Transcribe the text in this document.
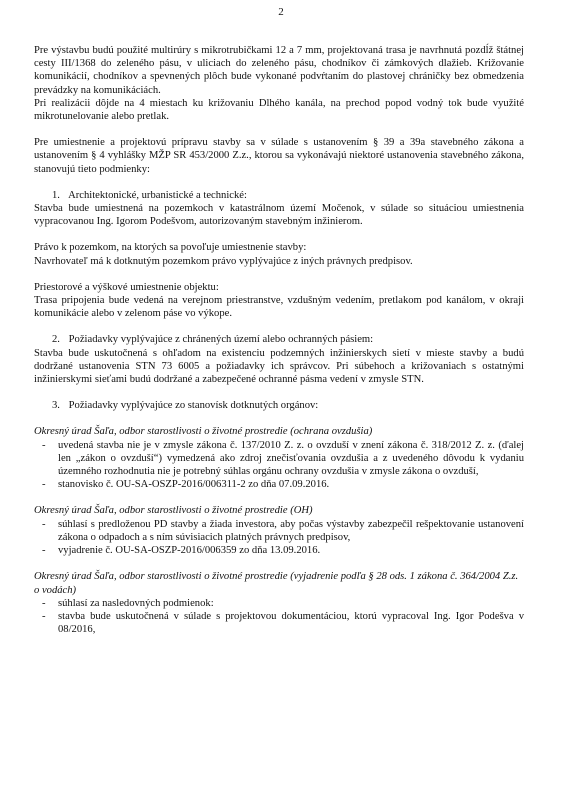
2

Pre výstavbu budú použité multirúry s mikrotrubičkami 12 a 7 mm, projektovaná trasa je navrhnutá pozdĺž štátnej cesty III/1368 do zeleného pásu, v uliciach do zeleného pásu, chodníkov či zámkových dlažieb. Križovanie komunikácií, chodníkov a spevnených plôch bude vykonané podvŕtaním do plastovej chráničky bez obmedzenia prevádzky na komunikáciách.

Pri realizácii dôjde na 4 miestach ku križovaniu Dlhého kanála, na prechod popod vodný tok bude využité mikrotunelovanie alebo pretlak.

Pre umiestnenie a projektovú prípravu stavby sa v súlade s ustanovením § 39 a 39a stavebného zákona a ustanovením § 4 vyhlášky MŽP SR 453/2000 Z.z., ktorou sa vykonávajú niektoré ustanovenia stavebného zákona, stanovujú tieto podmienky:

1. Architektonické, urbanistické a technické:

Stavba bude umiestnená na pozemkoch v katastrálnom území Močenok, v súlade so situáciou umiestnenia vypracovanou Ing. Igorom Podešvom, autorizovaným stavebným inžinierom.

Právo k pozemkom, na ktorých sa povoľuje umiestnenie stavby:

Navrhovateľ má k dotknutým pozemkom právo vyplývajúce z iných právnych predpisov.

Priestorové a výškové umiestnenie objektu:

Trasa pripojenia bude vedená na verejnom priestranstve, vzdušným vedením, pretlakom pod kanálom, v okraji komunikácie alebo v zelenom páse vo výkope.

2. Požiadavky vyplývajúce z chránených území alebo ochranných pásiem:

Stavba bude uskutočnená s ohľadom na existenciu podzemných inžinierskych sietí v mieste stavby a budú dodržané ustanovenia STN 73 6005 a požiadavky ich správcov. Pri súbehoch a križovaniach s ostatnými inžinierskymi sieťami budú dodržané a zabezpečené ochranné pásma vedení v zmysle STN.

3. Požiadavky vyplývajúce zo stanovísk dotknutých orgánov:

Okresný úrad Šaľa, odbor starostlivosti o životné prostredie (ochrana ovzdušia)

- uvedená stavba nie je v zmysle zákona č. 137/2010 Z. z. o ovzduší v znení zákona č. 318/2012 Z. z. (ďalej len „zákon o ovzduší“) vymedzená ako zdroj znečisťovania ovzdušia a z uvedeného dôvodu k vydaniu územného rozhodnutia nie je potrebný súhlas orgánu ochrany ovzdušia v zmysle zákona o ovzduší,
- stanovisko č. OU-SA-OSZP-2016/006311-2 zo dňa 07.09.2016.

Okresný úrad Šaľa, odbor starostlivosti o životné prostredie (OH)

- súhlasí s predloženou PD stavby a žiada investora, aby počas výstavby zabezpečil rešpektovanie ustanovení zákona o odpadoch a s ním súvisiacich platných právnych predpisov,
- vyjadrenie č. OU-SA-OSZP-2016/006359 zo dňa 13.09.2016.

Okresný úrad Šaľa, odbor starostlivosti o životné prostredie (vyjadrenie podľa § 28 ods. 1 zákona č. 364/2004 Z.z. o vodách)

- súhlasí za nasledovných podmienok:
- stavba bude uskutočnená v súlade s projektovou dokumentáciou, ktorú vypracoval Ing. Igor Podešva v 08/2016,
